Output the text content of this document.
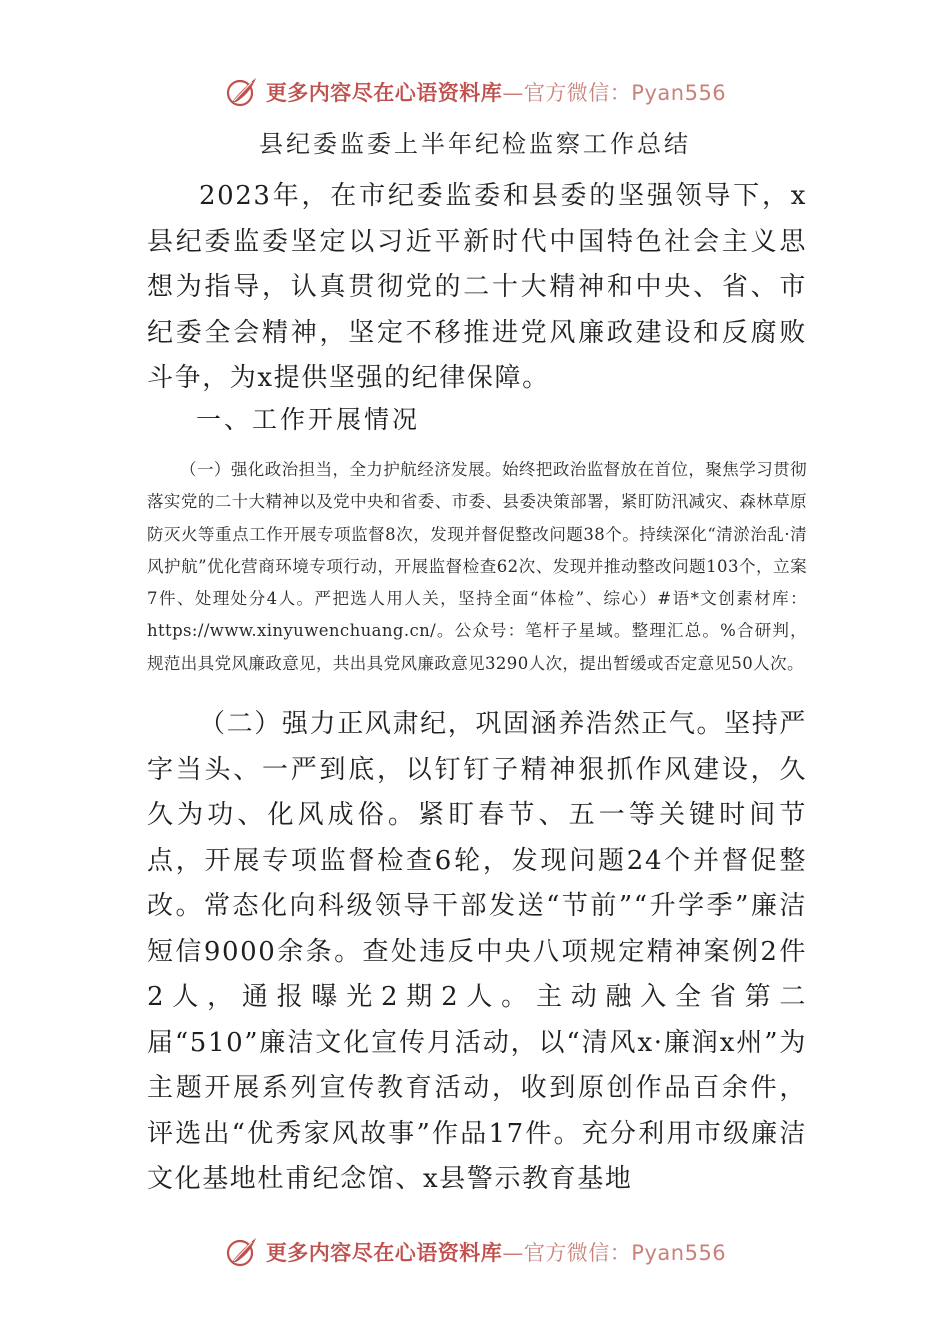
更多内容尽在心语资料库—官方微信：Pyan556
县纪委监委上半年纪检监察工作总结

2023年，在市纪委监委和县委的坚强领导下，x县纪委监委坚定以习近平新时代中国特色社会主义思想为指导，认真贯彻党的二十大精神和中央、省、市纪委全会精神，坚定不移推进党风廉政建设和反腐败斗争，为x提供坚强的纪律保障。

一、工作开展情况

（一）强化政治担当，全力护航经济发展。始终把政治监督放在首位，聚焦学习贯彻落实党的二十大精神以及党中央和省委、市委、县委决策部署，紧盯防汛减灾、森林草原防灭火等重点工作开展专项监督8次，发现并督促整改问题38个。持续深化“清淤治乱·清风护航”优化营商环境专项行动，开展监督检查62次、发现并推动整改问题103个，立案7件、处理处分4人。严把选人用人关，坚持全面“体检”、综心）#语*文创素材库：https://www.xinyuwenchuang.cn/。公众号：笔杆子星域。整理汇总。%合研判，规范出具党风廉政意见，共出具党风廉政意见3290人次，提出暂缓或否定意见50人次。

（二）强力正风肃纪，巩固涵养浩然正气。坚持严字当头、一严到底，以钉钉子精神狠抓作风建设，久久为功、化风成俗。紧盯春节、五一等关键时间节点，开展专项监督检查6轮，发现问题24个并督促整改。常态化向科级领导干部发送“节前”“升学季”廉洁短信9000余条。查处违反中央八项规定精神案例2件2人，通报曝光2期2人。主动融入全省第二届“510”廉洁文化宣传月活动，以“清风x·廉润x州”为主题开展系列宣传教育活动，收到原创作品百余件，评选出“优秀家风故事”作品17件。充分利用市级廉洁文化基地杜甫纪念馆、x县警示教育基地

更多内容尽在心语资料库—官方微信：Pyan556
